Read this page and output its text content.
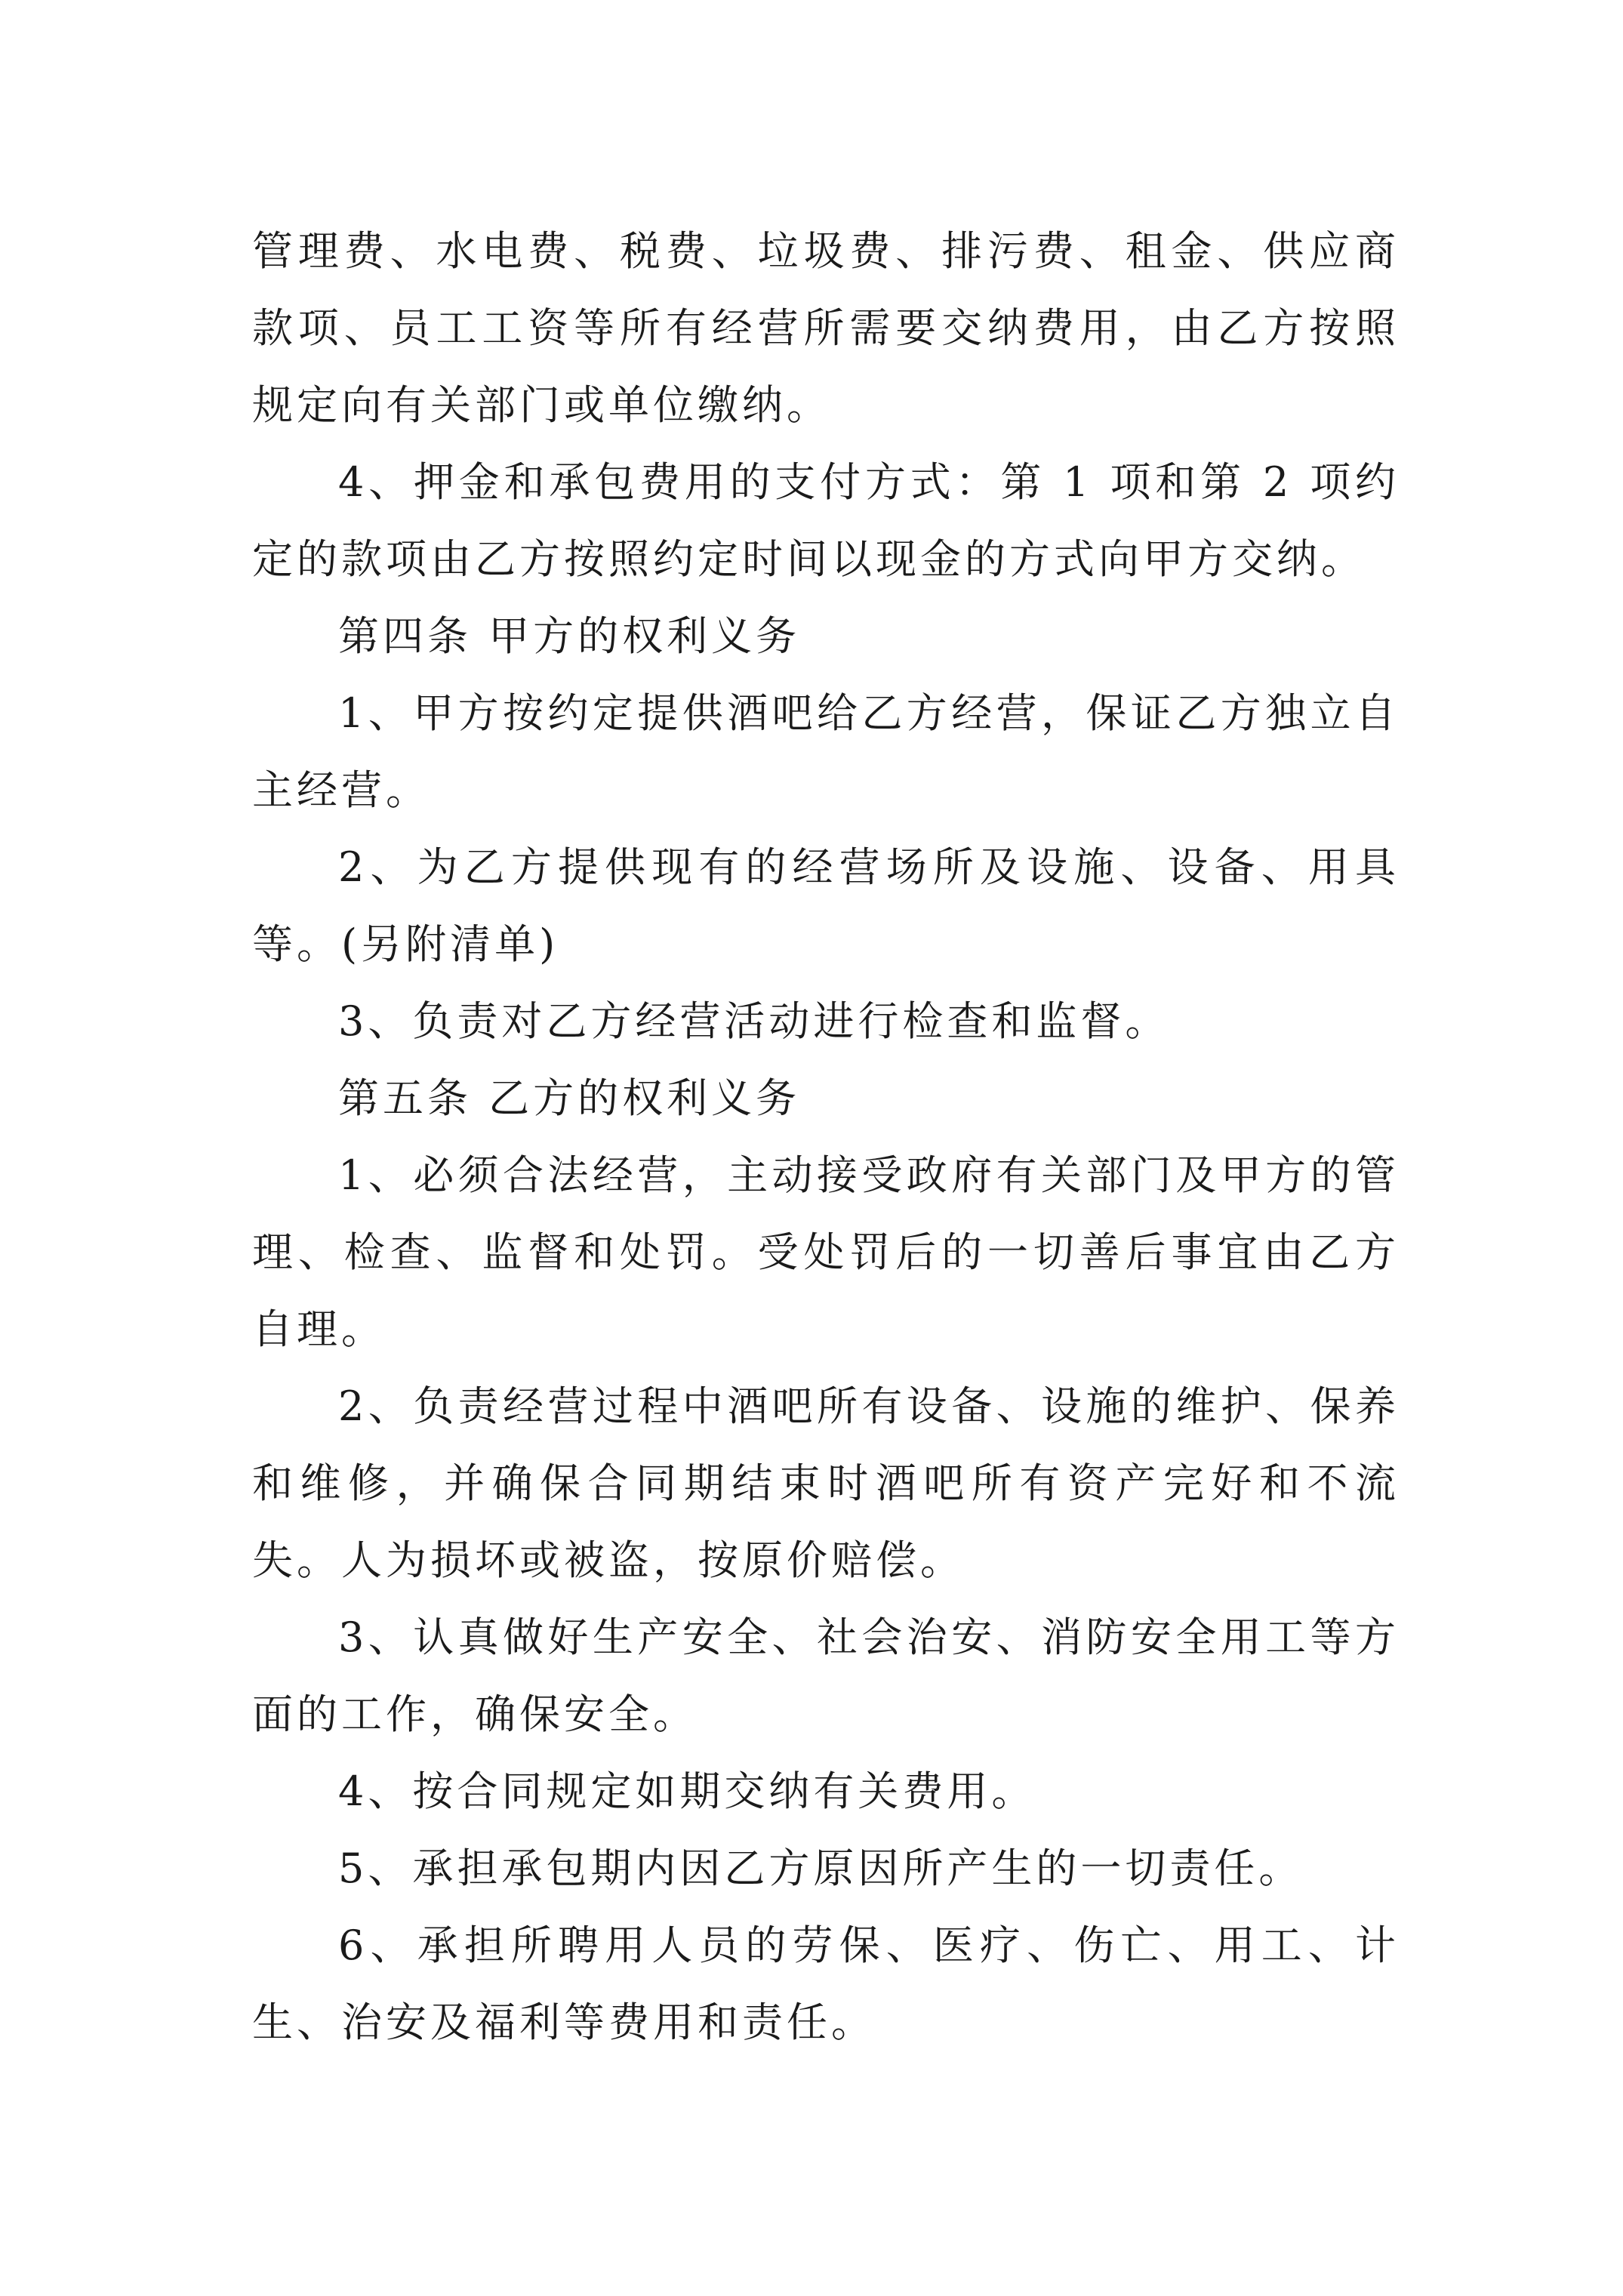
管理费、水电费、税费、垃圾费、排污费、租金、供应商款项、员工工资等所有经营所需要交纳费用，由乙方按照规定向有关部门或单位缴纳。

4、押金和承包费用的支付方式：第 1 项和第 2 项约定的款项由乙方按照约定时间以现金的方式向甲方交纳。

第四条 甲方的权利义务

1、甲方按约定提供酒吧给乙方经营，保证乙方独立自主经营。

2、为乙方提供现有的经营场所及设施、设备、用具等。(另附清单)

3、负责对乙方经营活动进行检查和监督。

第五条 乙方的权利义务

1、必须合法经营，主动接受政府有关部门及甲方的管理、检查、监督和处罚。受处罚后的一切善后事宜由乙方自理。

2、负责经营过程中酒吧所有设备、设施的维护、保养和维修，并确保合同期结束时酒吧所有资产完好和不流失。人为损坏或被盗，按原价赔偿。

3、认真做好生产安全、社会治安、消防安全用工等方面的工作，确保安全。

4、按合同规定如期交纳有关费用。

5、承担承包期内因乙方原因所产生的一切责任。

6、承担所聘用人员的劳保、医疗、伤亡、用工、计生、治安及福利等费用和责任。
